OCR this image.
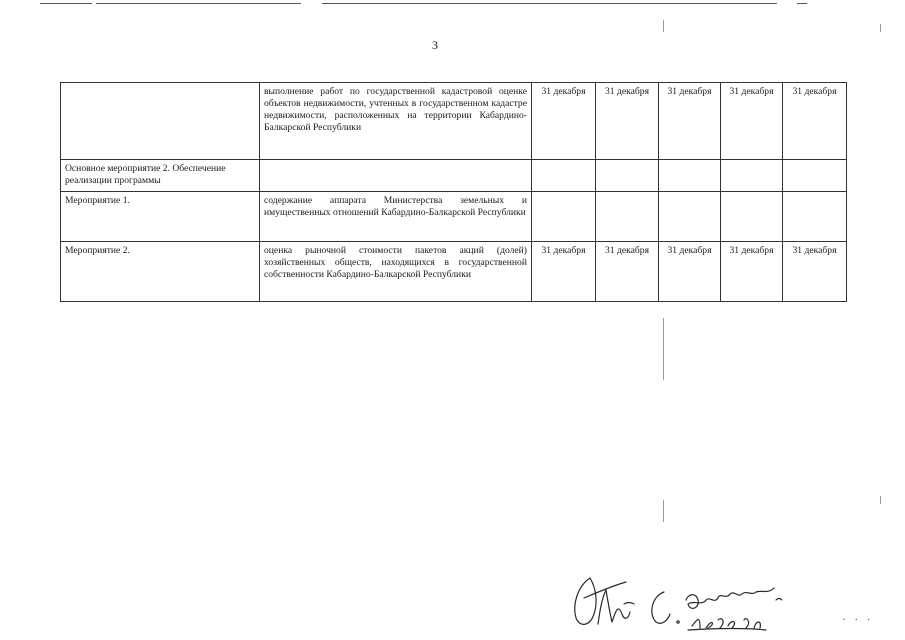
3
	выполнение работ по государственной кадастровой оценке объектов недвижимости, учтенных в государственном кадастре недвижимости, расположенных на территории Кабардино-Балкарской Республики	31 декабря	31 декабря	31 декабря	31 декабря	31 декабря
Основное мероприятие 2. Обеспечение реализации программы						
Мероприятие 1.	содержание аппарата Министерства земельных и имущественных отношений Кабардино-Балкарской Республики					
Мероприятие 2.	оценка рыночной стоимости пакетов акций (долей) хозяйственных обществ, находящихся в государственной собственности Кабардино-Балкарской Республики	31 декабря	31 декабря	31 декабря	31 декабря	31 декабря
· · ·
